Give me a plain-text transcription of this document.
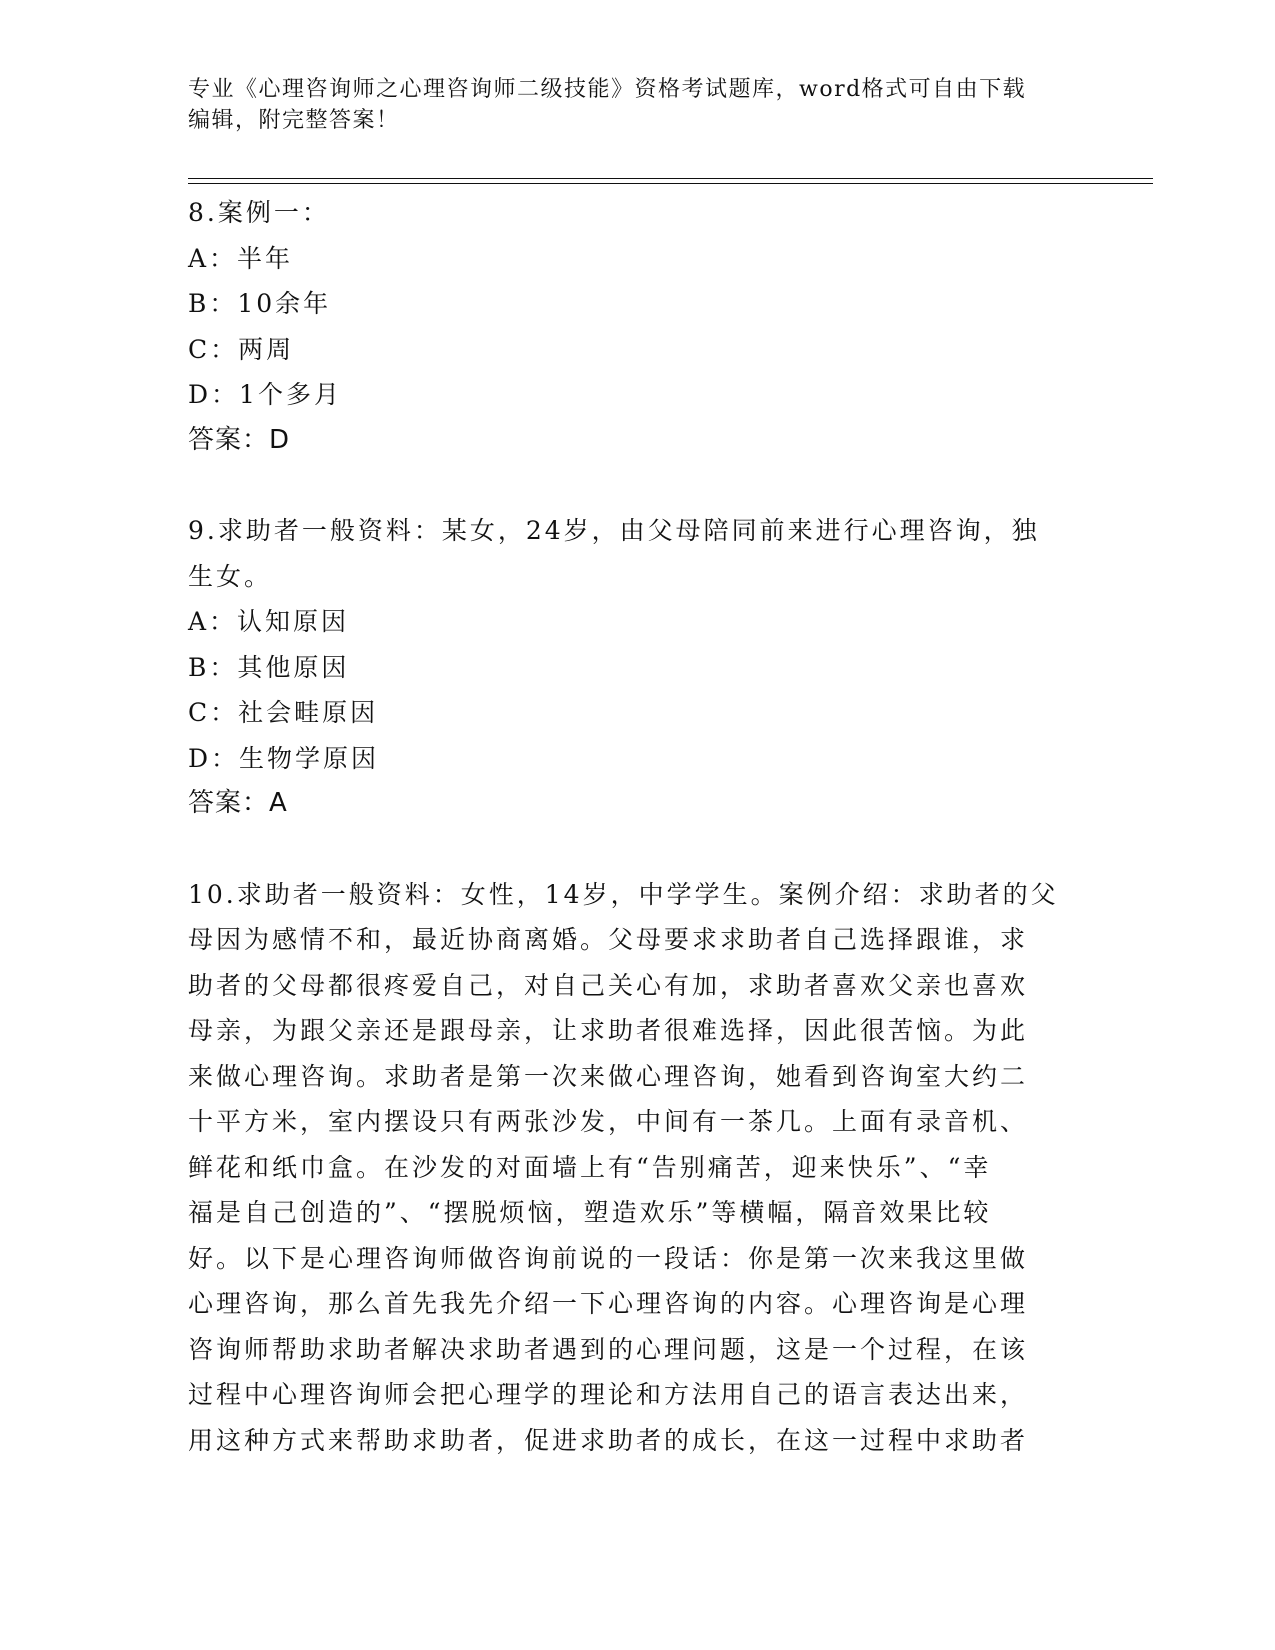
专业《心理咨询师之心理咨询师二级技能》资格考试题库，word格式可自由下载
编辑，附完整答案！
8.案例一：
A：半年
B：10余年
C：两周
D：1个多月
答案：D
9.求助者一般资料：某女，24岁，由父母陪同前来进行心理咨询，独
生女。
A：认知原因
B：其他原因
C：社会畦原因
D：生物学原因
答案：A
10.求助者一般资料：女性，14岁，中学学生。案例介绍：求助者的父
母因为感情不和，最近协商离婚。父母要求求助者自己选择跟谁，求
助者的父母都很疼爱自己，对自己关心有加，求助者喜欢父亲也喜欢
母亲，为跟父亲还是跟母亲，让求助者很难选择，因此很苦恼。为此
来做心理咨询。求助者是第一次来做心理咨询，她看到咨询室大约二
十平方米，室内摆设只有两张沙发，中间有一茶几。上面有录音机、
鲜花和纸巾盒。在沙发的对面墙上有“告别痛苦，迎来快乐”、“幸
福是自己创造的”、“摆脱烦恼，塑造欢乐”等横幅，隔音效果比较
好。以下是心理咨询师做咨询前说的一段话：你是第一次来我这里做
心理咨询，那么首先我先介绍一下心理咨询的内容。心理咨询是心理
咨询师帮助求助者解决求助者遇到的心理问题，这是一个过程，在该
过程中心理咨询师会把心理学的理论和方法用自己的语言表达出来，
用这种方式来帮助求助者，促进求助者的成长，在这一过程中求助者
